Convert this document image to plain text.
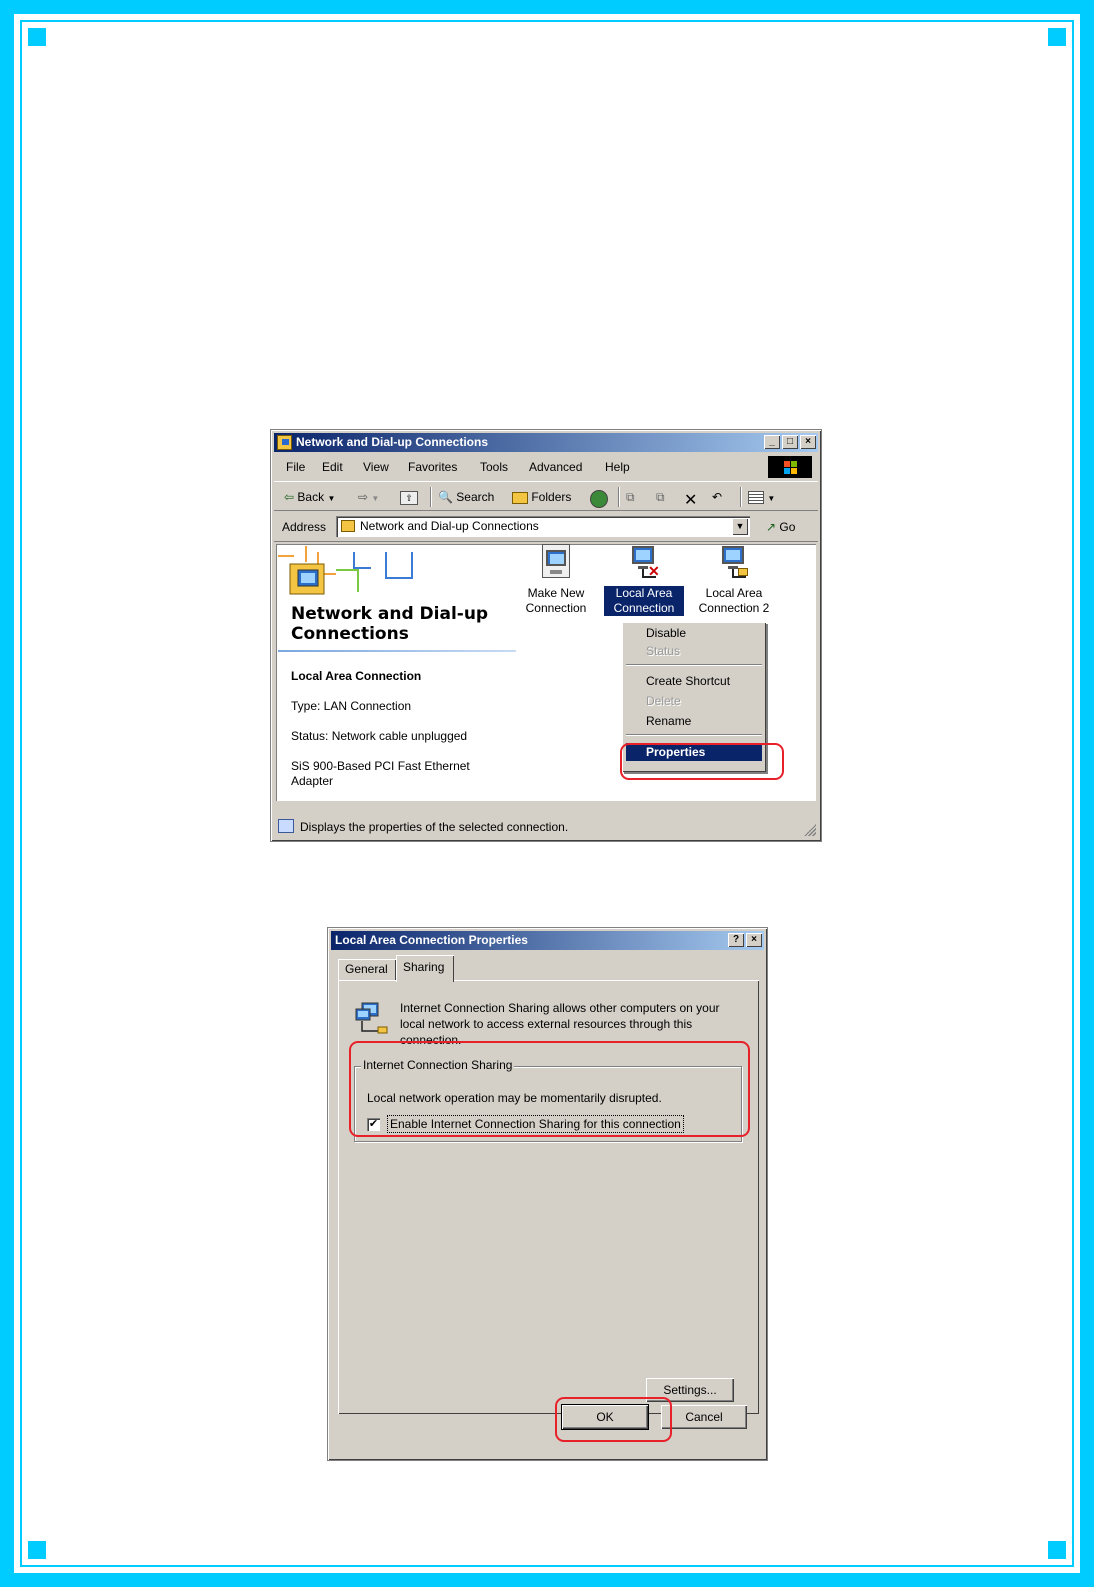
Network and Dial-up Connections	_	□	×
File Edit View Favorites Tools Advanced Help
⇦ Back ▼ ⇨ ▼	⇧	🔍 Search	Folders	⧉ ⧉ ✕ ↶	▼
Address	Network and Dial-up Connections	▼ ↗ Go
Network and Dial-up Connections
Local Area Connection
Type: LAN Connection
Status: Network cable unplugged
SiS 900-Based PCI Fast Ethernet Adapter
Make New Connection
✕
Local Area Connection
Local Area Connection 2
Displays the properties of the selected connection.
Disable
Status
Create Shortcut
Delete
Rename
Properties
Local Area Connection Properties	?	×
General	Sharing
Internet Connection Sharing allows other computers on your local network to access external resources through this connection.
Internet Connection Sharing
Local network operation may be momentarily disrupted.
✔ Enable Internet Connection Sharing for this connection
Settings...
OK	Cancel
